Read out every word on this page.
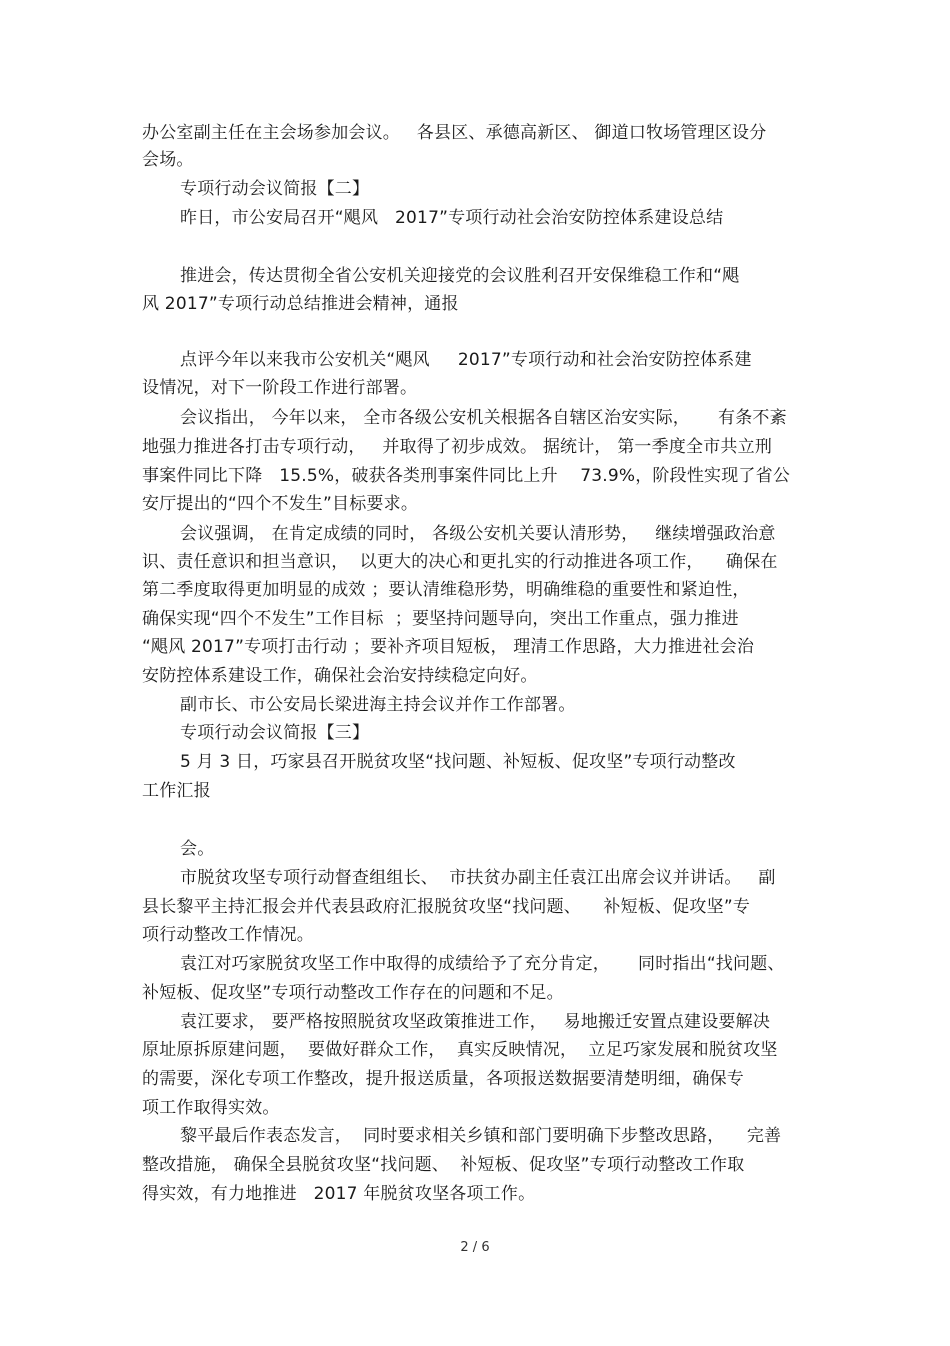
办公室副主任在主会场参加会议。   各县区、承德高新区、 御道口牧场管理区设分
会场。
专项行动会议简报【二】
昨日，市公安局召开“飓风   2017”专项行动社会治安防控体系建设总结
推进会，传达贯彻全省公安机关迎接党的会议胜利召开安保维稳工作和“飓
风 2017”专项行动总结推进会精神，通报
点评今年以来我市公安机关“飓风     2017”专项行动和社会治安防控体系建
设情况，对下一阶段工作进行部署。
会议指出， 今年以来， 全市各级公安机关根据各自辖区治安实际，     有条不紊
地强力推进各打击专项行动，   并取得了初步成效。 据统计， 第一季度全市共立刑
事案件同比下降   15.5%，破获各类刑事案件同比上升    73.9%，阶段性实现了省公
安厅提出的“四个不发生”目标要求。
会议强调， 在肯定成绩的同时， 各级公安机关要认清形势，   继续增强政治意
识、责任意识和担当意识，  以更大的决心和更扎实的行动推进各项工作，    确保在
第二季度取得更加明显的成效 ；要认清维稳形势，明确维稳的重要性和紧迫性，
确保实现“四个不发生”工作目标  ；要坚持问题导向，突出工作重点，强力推进
“飓风 2017”专项打击行动 ；要补齐项目短板， 理清工作思路，大力推进社会治
安防控体系建设工作，确保社会治安持续稳定向好。
副市长、市公安局长梁进海主持会议并作工作部署。
专项行动会议简报【三】
5 月 3 日，巧家县召开脱贫攻坚“找问题、补短板、促攻坚”专项行动整改
工作汇报
会。
市脱贫攻坚专项行动督查组组长、  市扶贫办副主任袁江出席会议并讲话。   副
县长黎平主持汇报会并代表县政府汇报脱贫攻坚“找问题、    补短板、促攻坚”专
项行动整改工作情况。
袁江对巧家脱贫攻坚工作中取得的成绩给予了充分肯定，     同时指出“找问题、
补短板、促攻坚”专项行动整改工作存在的问题和不足。
袁江要求， 要严格按照脱贫攻坚政策推进工作，   易地搬迁安置点建设要解决
原址原拆原建问题，  要做好群众工作，  真实反映情况，  立足巧家发展和脱贫攻坚
的需要，深化专项工作整改，提升报送质量，各项报送数据要清楚明细，确保专
项工作取得实效。
黎平最后作表态发言，  同时要求相关乡镇和部门要明确下步整改思路，    完善
整改措施， 确保全县脱贫攻坚“找问题、  补短板、促攻坚”专项行动整改工作取
得实效，有力地推进   2017 年脱贫攻坚各项工作。
2 / 6
